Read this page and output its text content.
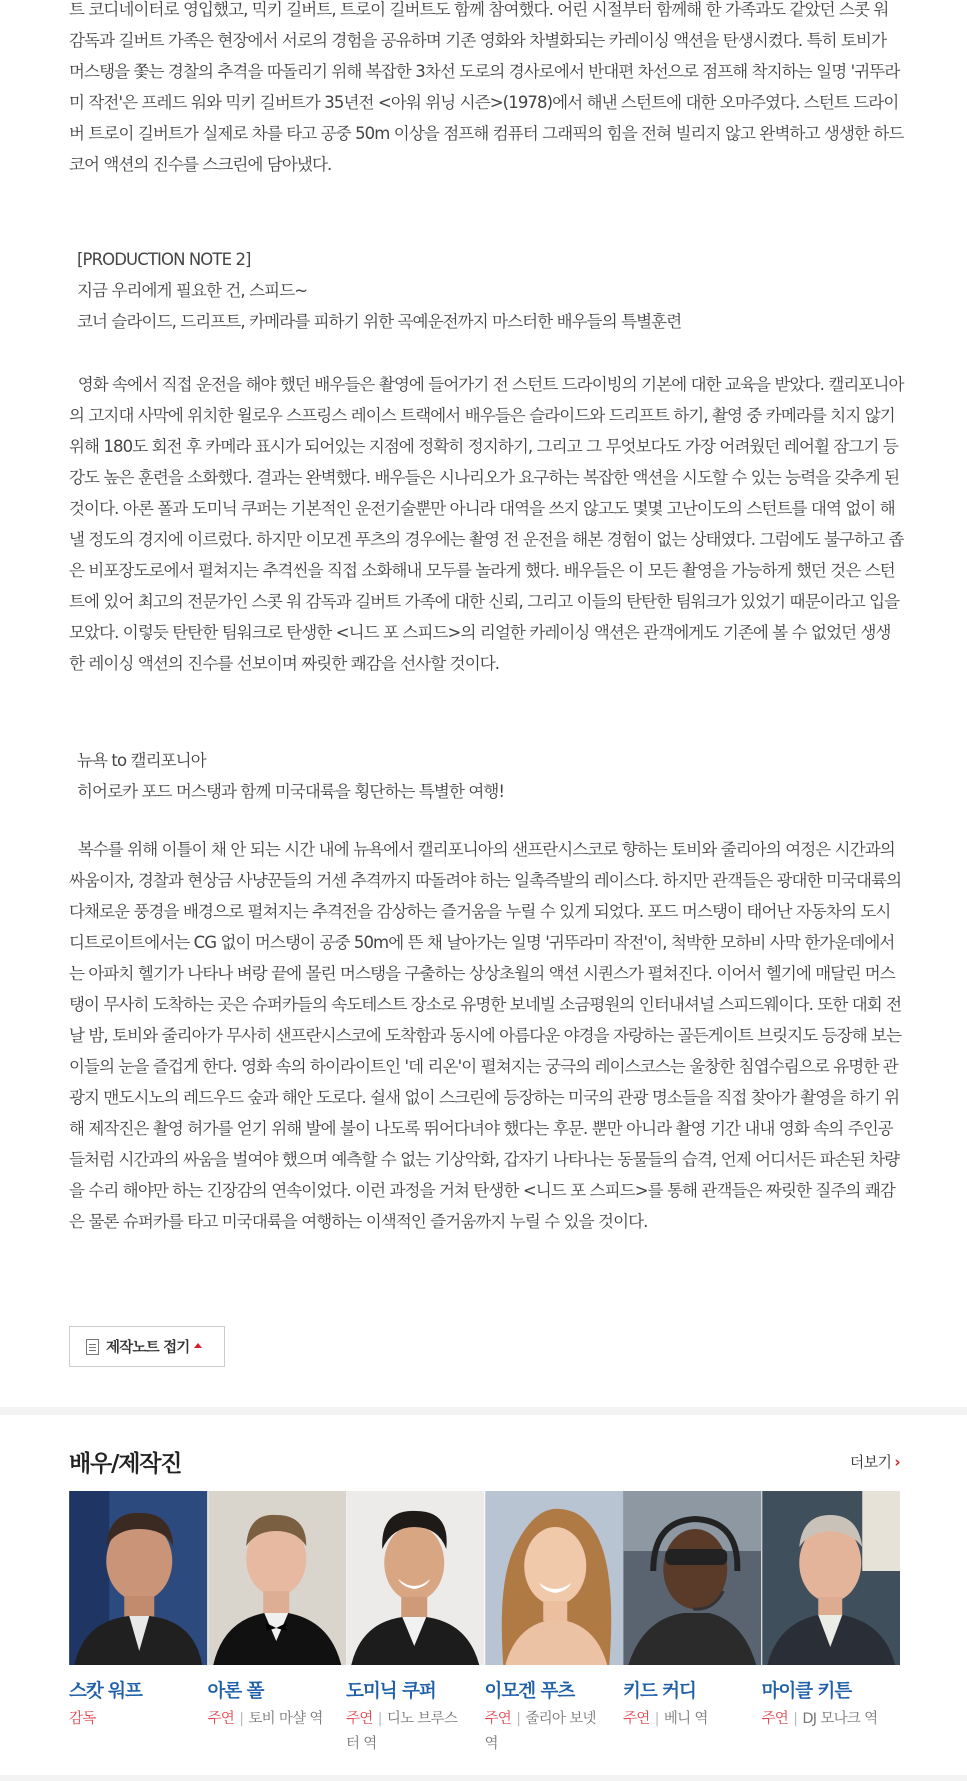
트 코디네이터로 영입했고, 믹키 길버트, 트로이 길버트도 함께 참여했다. 어린 시절부터 함께해 한 가족과도 같았던 스콧 워 감독과 길버트 가족은 현장에서 서로의 경험을 공유하며 기존 영화와 차별화되는 카레이싱 액션을 탄생시켰다. 특히 토비가 머스탱을 쫓는 경찰의 추격을 따돌리기 위해 복잡한 3차선 도로의 경사로에서 반대편 차선으로 점프해 착지하는 일명 '귀뚜라미 작전'은 프레드 워와 믹키 길버트가 35년전 <아워 위닝 시즌>(1978)에서 해낸 스턴트에 대한 오마주였다. 스턴트 드라이버 트로이 길버트가 실제로 차를 타고 공중 50m 이상을 점프해 컴퓨터 그래픽의 힘을 전혀 빌리지 않고 완벽하고 생생한 하드코어 액션의 진수를 스크린에 담아냈다.

[PRODUCTION NOTE 2]
지금 우리에게 필요한 건, 스피드~
코너 슬라이드, 드리프트, 카메라를 피하기 위한 곡예운전까지 마스터한 배우들의 특별훈련

영화 속에서 직접 운전을 해야 했던 배우들은 촬영에 들어가기 전 스턴트 드라이빙의 기본에 대한 교육을 받았다. 캘리포니아의 고지대 사막에 위치한 윌로우 스프링스 레이스 트랙에서 배우들은 슬라이드와 드리프트 하기, 촬영 중 카메라를 치지 않기 위해 180도 회전 후 카메라 표시가 되어있는 지점에 정확히 정지하기, 그리고 그 무엇보다도 가장 어려웠던 레어휠 잠그기 등 강도 높은 훈련을 소화했다. 결과는 완벽했다. 배우들은 시나리오가 요구하는 복잡한 액션을 시도할 수 있는 능력을 갖추게 된 것이다. 아론 폴과 도미닉 쿠퍼는 기본적인 운전기술뿐만 아니라 대역을 쓰지 않고도 몇몇 고난이도의 스턴트를 대역 없이 해낼 정도의 경지에 이르렀다. 하지만 이모겐 푸츠의 경우에는 촬영 전 운전을 해본 경험이 없는 상태였다. 그럼에도 불구하고 좁은 비포장도로에서 펼쳐지는 추격씬을 직접 소화해내 모두를 놀라게 했다. 배우들은 이 모든 촬영을 가능하게 했던 것은 스턴트에 있어 최고의 전문가인 스콧 워 감독과 길버트 가족에 대한 신뢰, 그리고 이들의 탄탄한 팀워크가 있었기 때문이라고 입을 모았다. 이렇듯 탄탄한 팀워크로 탄생한 <니드 포 스피드>의 리얼한 카레이싱 액션은 관객에게도 기존에 볼 수 없었던 생생한 레이싱 액션의 진수를 선보이며 짜릿한 쾌감을 선사할 것이다.

뉴욕 to 캘리포니아
히어로카 포드 머스탱과 함께 미국대륙을 횡단하는 특별한 여행!

복수를 위해 이틀이 채 안 되는 시간 내에 뉴욕에서 캘리포니아의 샌프란시스코로 향하는 토비와 줄리아의 여정은 시간과의 싸움이자, 경찰과 현상금 사냥꾼들의 거센 추격까지 따돌려야 하는 일촉즉발의 레이스다. 하지만 관객들은 광대한 미국대륙의 다채로운 풍경을 배경으로 펼쳐지는 추격전을 감상하는 즐거움을 누릴 수 있게 되었다. 포드 머스탱이 태어난 자동차의 도시 디트로이트에서는 CG 없이 머스탱이 공중 50m에 뜬 채 날아가는 일명 '귀뚜라미 작전'이, 척박한 모하비 사막 한가운데에서는 아파치 헬기가 나타나 벼랑 끝에 몰린 머스탱을 구출하는 상상초월의 액션 시퀀스가 펼쳐진다. 이어서 헬기에 매달린 머스탱이 무사히 도착하는 곳은 슈퍼카들의 속도테스트 장소로 유명한 보네빌 소금평원의 인터내셔널 스피드웨이다. 또한 대회 전날 밤, 토비와 줄리아가 무사히 샌프란시스코에 도착함과 동시에 아름다운 야경을 자랑하는 골든게이트 브릿지도 등장해 보는 이들의 눈을 즐겁게 한다. 영화 속의 하이라이트인 '데 리온'이 펼쳐지는 궁극의 레이스코스는 울창한 침엽수림으로 유명한 관광지 맨도시노의 레드우드 숲과 해안 도로다. 쉴새 없이 스크린에 등장하는 미국의 관광 명소들을 직접 찾아가 촬영을 하기 위해 제작진은 촬영 허가를 얻기 위해 발에 불이 나도록 뛰어다녀야 했다는 후문. 뿐만 아니라 촬영 기간 내내 영화 속의 주인공들처럼 시간과의 싸움을 벌여야 했으며 예측할 수 없는 기상악화, 갑자기 나타나는 동물들의 습격, 언제 어디서든 파손된 차량을 수리 해야만 하는 긴장감의 연속이었다. 이런 과정을 거쳐 탄생한 <니드 포 스피드>를 통해 관객들은 짜릿한 질주의 쾌감은 물론 슈퍼카를 타고 미국대륙을 여행하는 이색적인 즐거움까지 누릴 수 있을 것이다.

제작노트 접기
배우/제작진	더보기 ›
스캇 워프
감독
아론 폴
주연 | 토비 마샬 역
도미닉 쿠퍼
주연 | 디노 브루스터 역
이모겐 푸츠
주연 | 줄리아 보넷 역
키드 커디
주연 | 베니 역
마이클 키튼
주연 | DJ 모나크 역
